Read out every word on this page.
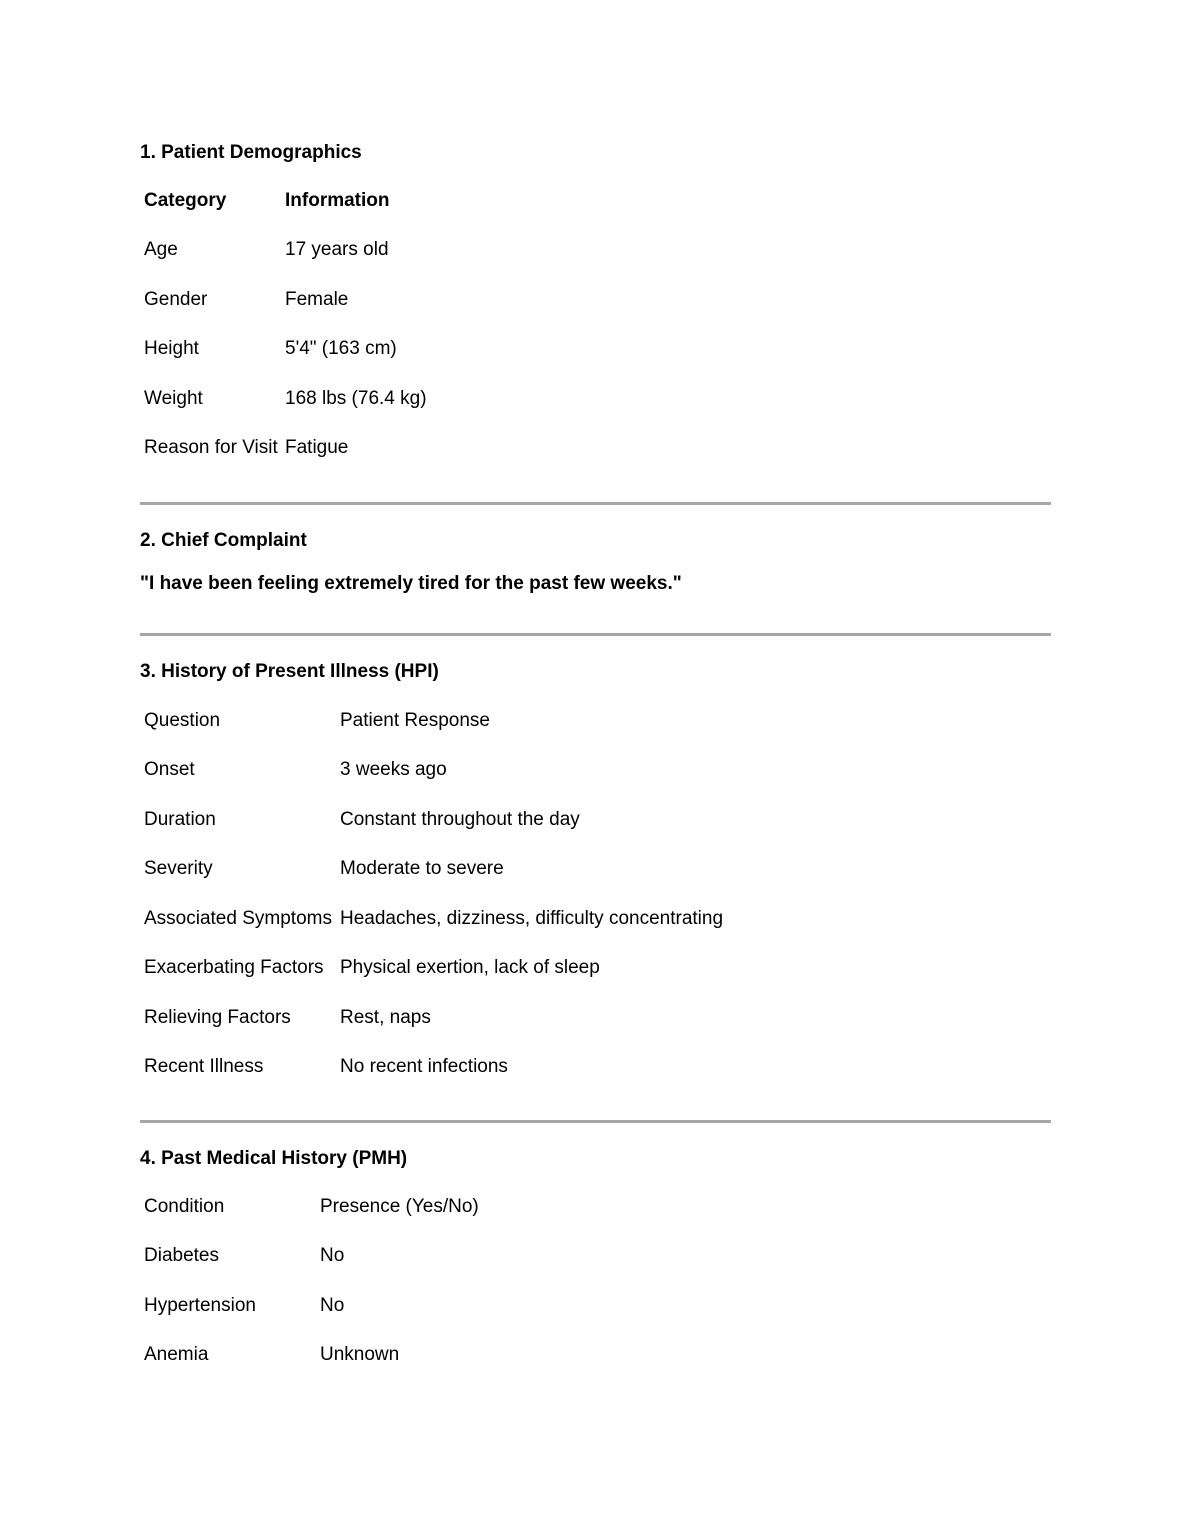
1. Patient Demographics
Category	Information
Age	17 years old
Gender	Female
Height	5'4" (163 cm)
Weight	168 lbs (76.4 kg)
Reason for Visit	Fatigue
2. Chief Complaint

"I have been feeling extremely tired for the past few weeks."

3. History of Present Illness (HPI)
Question	Patient Response
Onset	3 weeks ago
Duration	Constant throughout the day
Severity	Moderate to severe
Associated Symptoms	Headaches, dizziness, difficulty concentrating
Exacerbating Factors	Physical exertion, lack of sleep
Relieving Factors	Rest, naps
Recent Illness	No recent infections
4. Past Medical History (PMH)
Condition	Presence (Yes/No)
Diabetes	No
Hypertension	No
Anemia	Unknown
